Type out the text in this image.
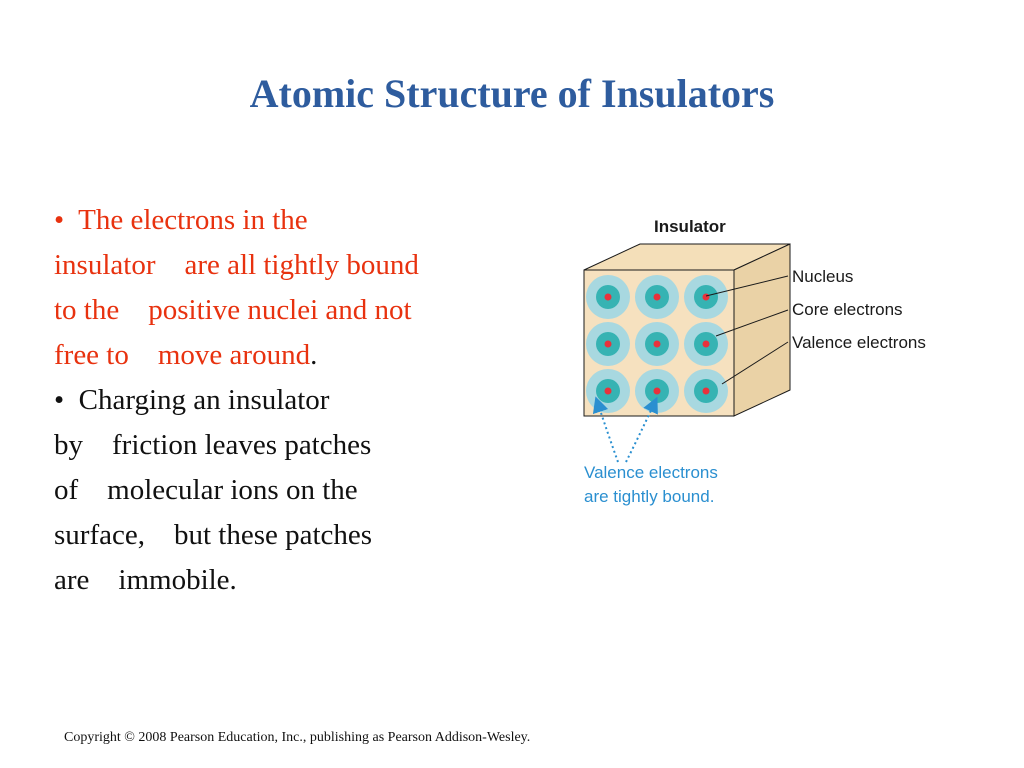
Atomic Structure of Insulators
•  The electrons in the
insulator    are all tightly bound
to the    positive nuclei and not
free to    move around.
•  Charging an insulator
by    friction leaves patches
of    molecular ions on the
surface,    but these patches
are    immobile.
Insulator
Nucleus
Core electrons
Valence electrons
Valence electrons
are tightly bound.
Copyright © 2008 Pearson Education, Inc., publishing as Pearson Addison-Wesley.
